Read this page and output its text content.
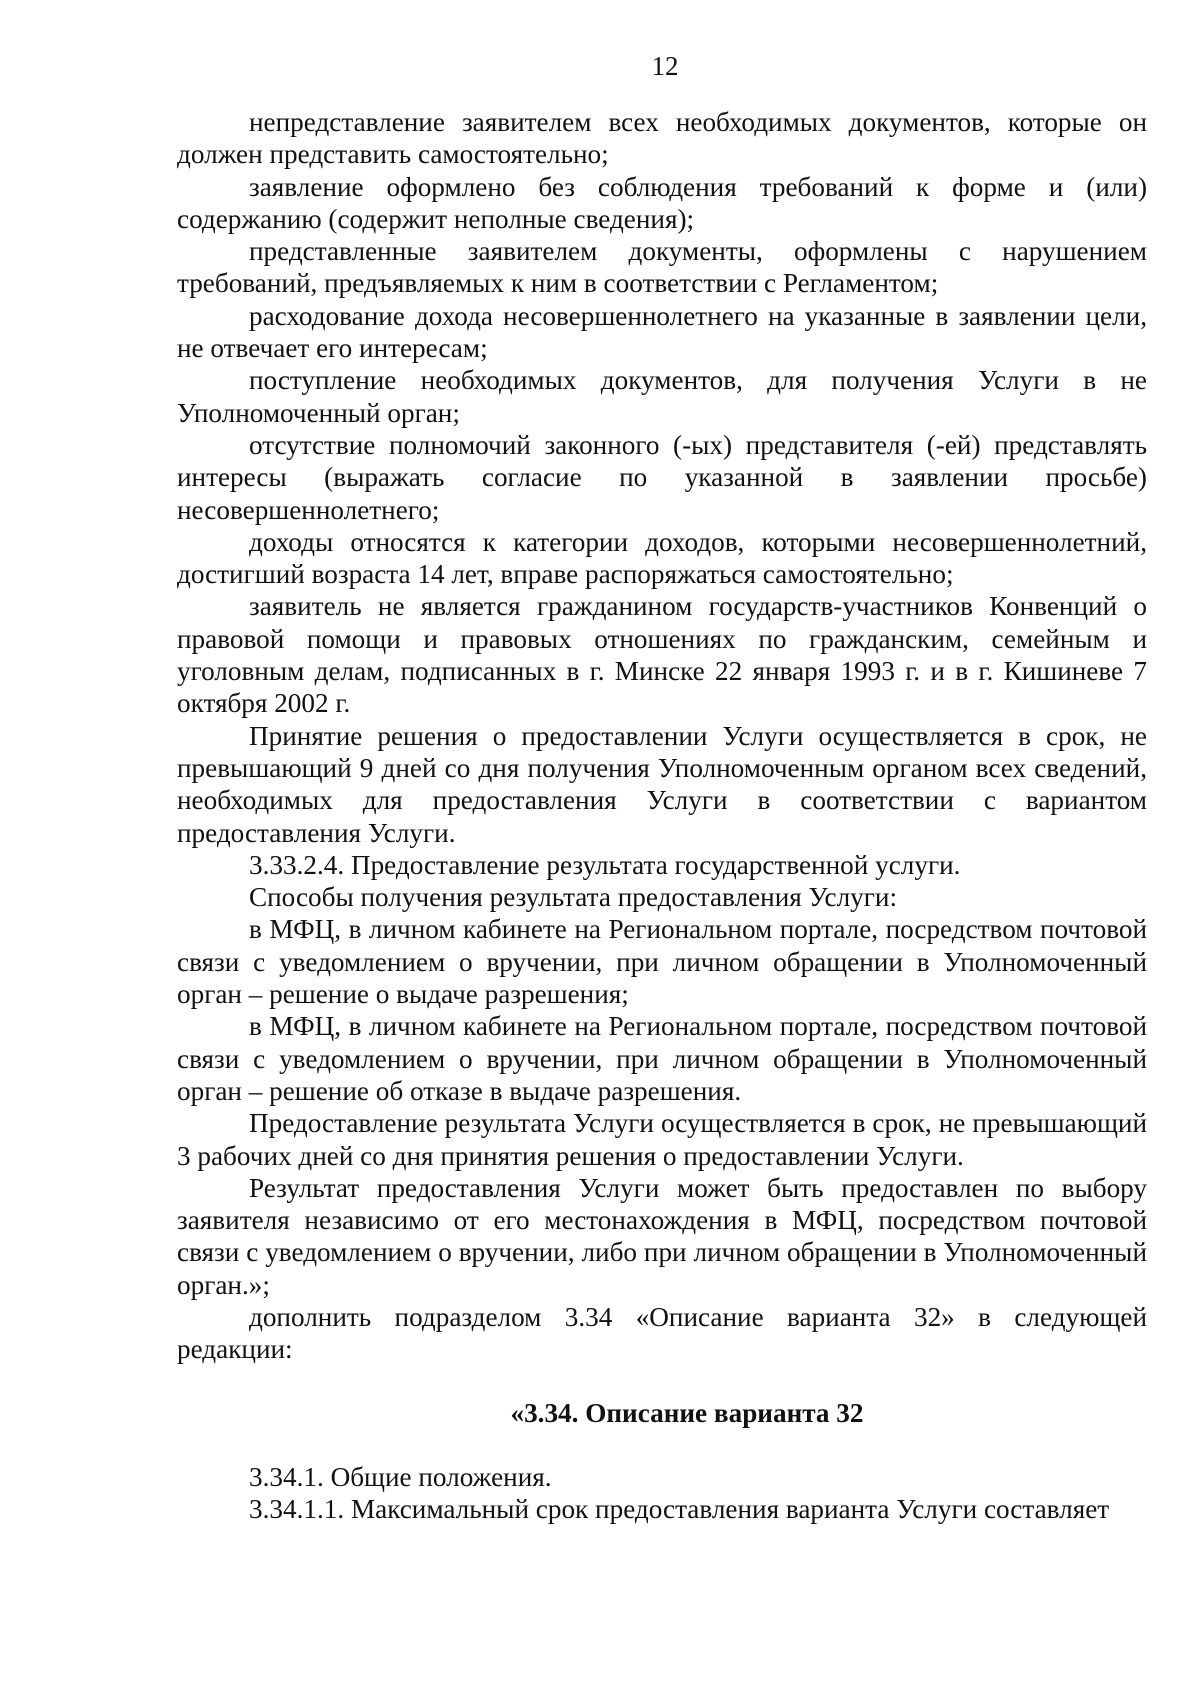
12

непредставление заявителем всех необходимых документов, которые он должен представить самостоятельно;

заявление оформлено без соблюдения требований к форме и (или) содержанию (содержит неполные сведения);

представленные заявителем документы, оформлены с нарушением требований, предъявляемых к ним в соответствии с Регламентом;

расходование дохода несовершеннолетнего на указанные в заявлении цели, не отвечает его интересам;

поступление необходимых документов, для получения Услуги в не Уполномоченный орган;

отсутствие полномочий законного (-ых) представителя (-ей) представлять интересы (выражать согласие по указанной в заявлении просьбе) несовершеннолетнего;

доходы относятся к категории доходов, которыми несовершеннолетний, достигший возраста 14 лет, вправе распоряжаться самостоятельно;

заявитель не является гражданином государств-участников Конвенций о правовой помощи и правовых отношениях по гражданским, семейным и уголовным делам, подписанных в г. Минске 22 января 1993 г. и в г. Кишиневе 7 октября 2002 г.

Принятие решения о предоставлении Услуги осуществляется в срок, не превышающий 9 дней со дня получения Уполномоченным органом всех сведений, необходимых для предоставления Услуги в соответствии с вариантом предоставления Услуги.

3.33.2.4. Предоставление результата государственной услуги.

Способы получения результата предоставления Услуги:

в МФЦ, в личном кабинете на Региональном портале, посредством почтовой связи с уведомлением о вручении, при личном обращении в Уполномоченный орган – решение о выдаче разрешения;

в МФЦ, в личном кабинете на Региональном портале, посредством почтовой связи с уведомлением о вручении, при личном обращении в Уполномоченный орган – решение об отказе в выдаче разрешения.

Предоставление результата Услуги осуществляется в срок, не превышающий 3 рабочих дней со дня принятия решения о предоставлении Услуги.

Результат предоставления Услуги может быть предоставлен по выбору заявителя независимо от его местонахождения в МФЦ, посредством почтовой связи с уведомлением о вручении, либо при личном обращении в Уполномоченный орган.»;

дополнить подразделом 3.34 «Описание варианта 32» в следующей редакции:

«3.34. Описание варианта 32

3.34.1. Общие положения.

3.34.1.1. Максимальный срок предоставления варианта Услуги составляет
